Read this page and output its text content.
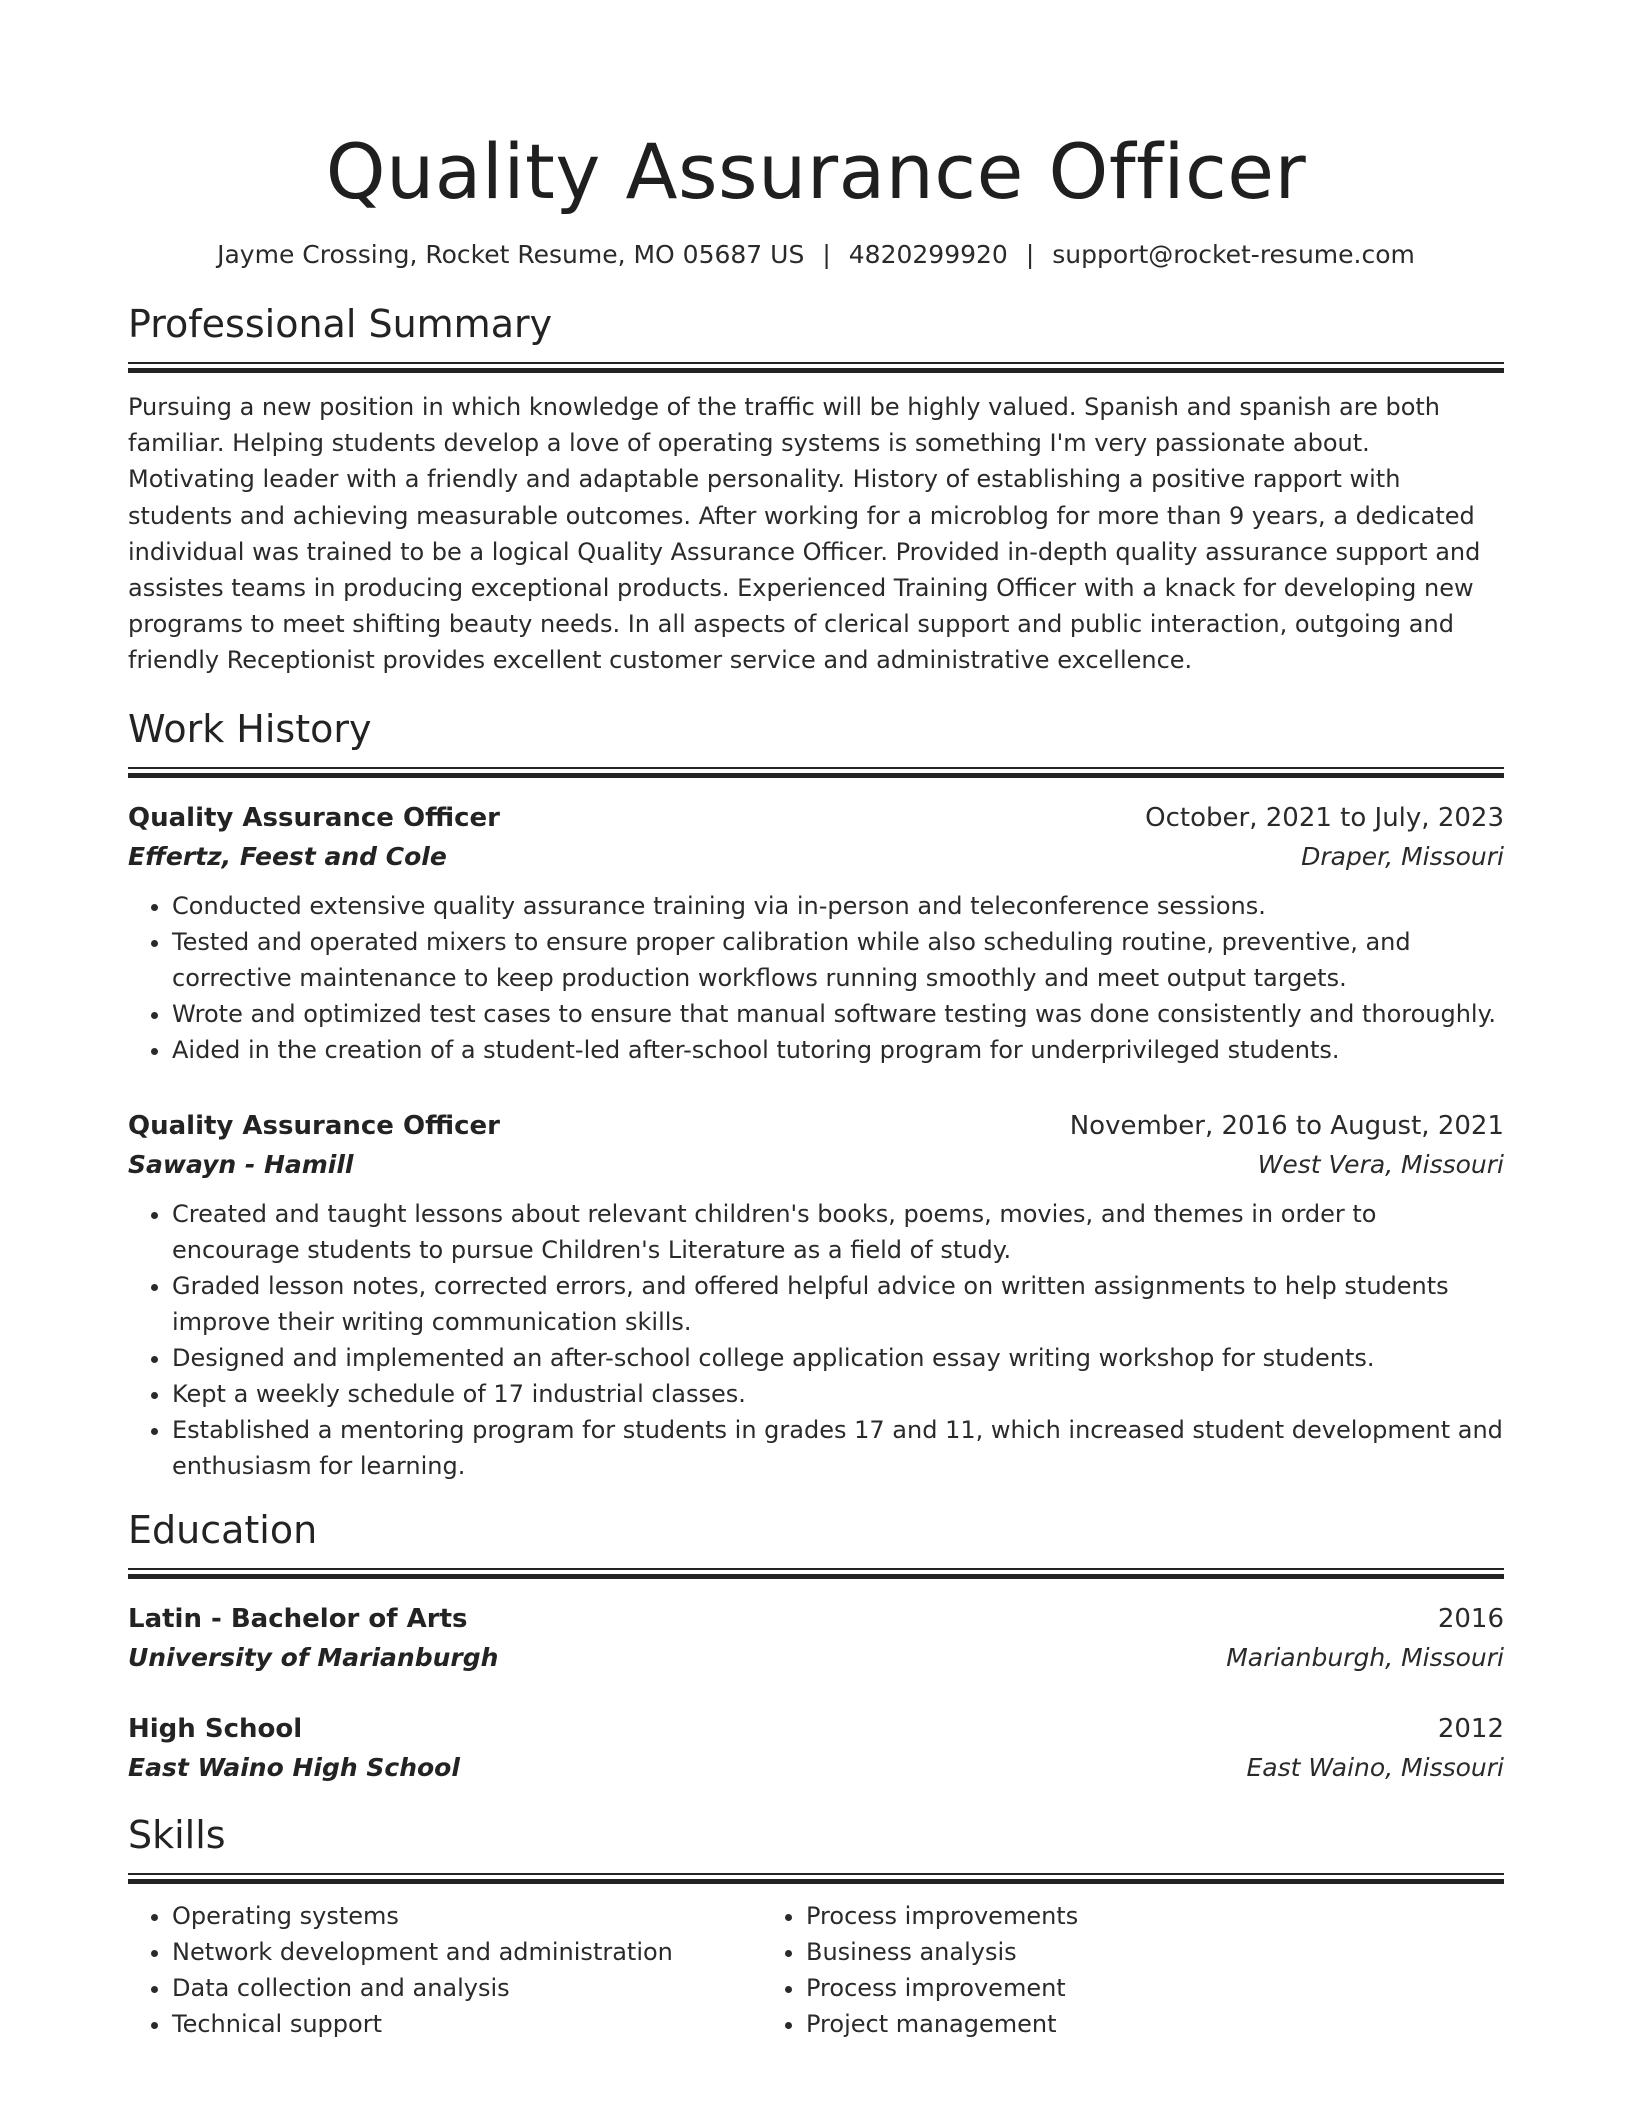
Quality Assurance Officer
Jayme Crossing, Rocket Resume, MO 05687 US | 4820299920 | support@rocket-resume.com
Professional Summary

Pursuing a new position in which knowledge of the traffic will be highly valued. Spanish and spanish are both familiar. Helping students develop a love of operating systems is something I'm very passionate about. Motivating leader with a friendly and adaptable personality. History of establishing a positive rapport with students and achieving measurable outcomes. After working for a microblog for more than 9 years, a dedicated individual was trained to be a logical Quality Assurance Officer. Provided in-depth quality assurance support and assistes teams in producing exceptional products. Experienced Training Officer with a knack for developing new programs to meet shifting beauty needs. In all aspects of clerical support and public interaction, outgoing and friendly Receptionist provides excellent customer service and administrative excellence.

Work History
Quality Assurance Officer	October, 2021 to July, 2023
Effertz, Feest and Cole	Draper, Missouri
• Conducted extensive quality assurance training via in-person and teleconference sessions.
• Tested and operated mixers to ensure proper calibration while also scheduling routine, preventive, and corrective maintenance to keep production workflows running smoothly and meet output targets.
• Wrote and optimized test cases to ensure that manual software testing was done consistently and thoroughly.
• Aided in the creation of a student-led after-school tutoring program for underprivileged students.
Quality Assurance Officer	November, 2016 to August, 2021
Sawayn - Hamill	West Vera, Missouri
• Created and taught lessons about relevant children's books, poems, movies, and themes in order to encourage students to pursue Children's Literature as a field of study.
• Graded lesson notes, corrected errors, and offered helpful advice on written assignments to help students improve their writing communication skills.
• Designed and implemented an after-school college application essay writing workshop for students.
• Kept a weekly schedule of 17 industrial classes.
• Established a mentoring program for students in grades 17 and 11, which increased student development and enthusiasm for learning.
Education
Latin - Bachelor of Arts	2016
University of Marianburgh	Marianburgh, Missouri
High School	2012
East Waino High School	East Waino, Missouri
Skills
• Operating systems
• Network development and administration
• Data collection and analysis
• Technical support
• Process improvements
• Business analysis
• Process improvement
• Project management
